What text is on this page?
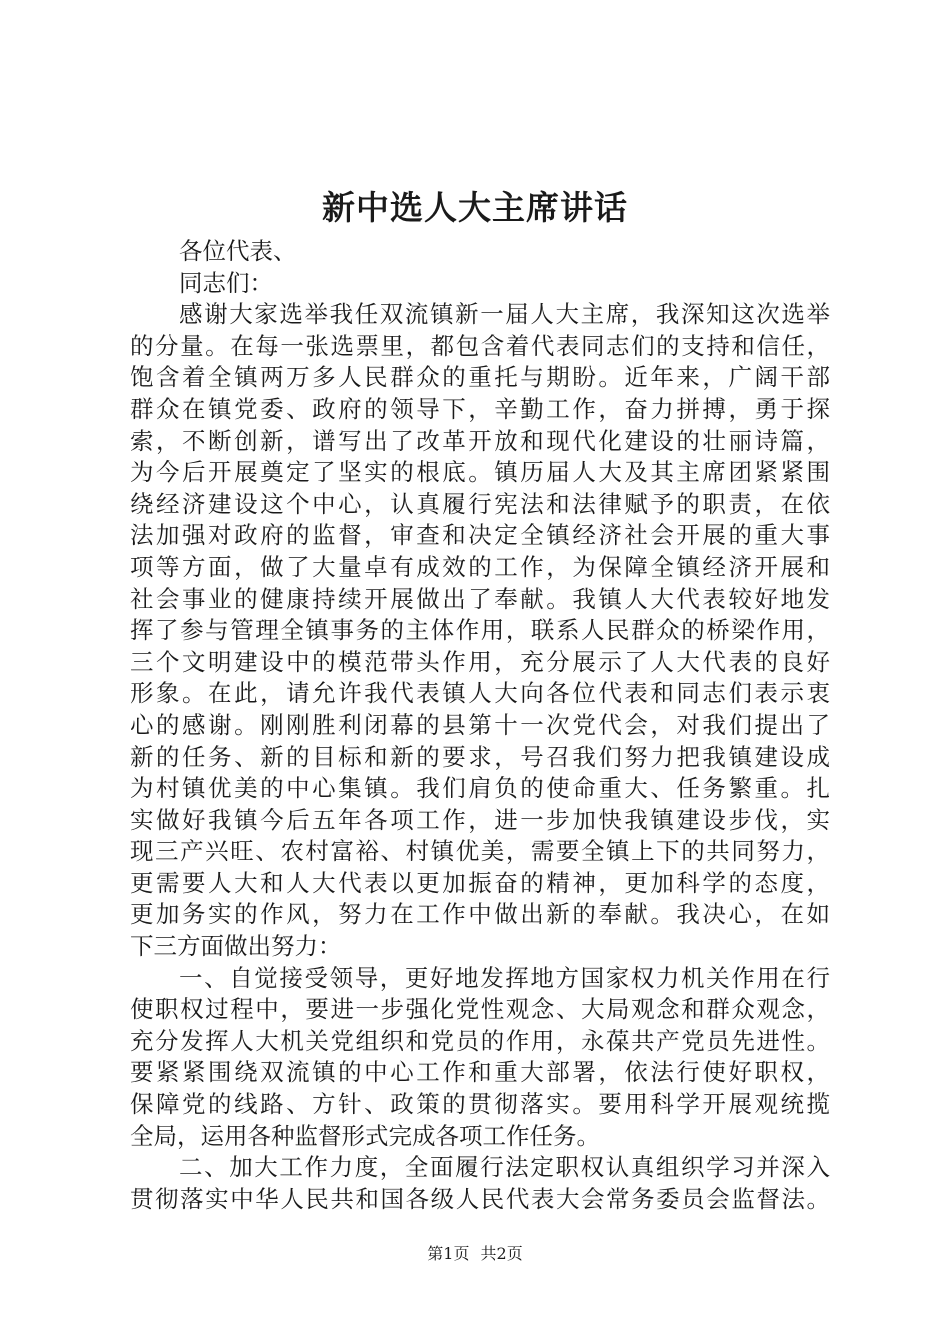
新中选人大主席讲话
各位代表、
同志们：
感谢大家选举我任双流镇新一届人大主席，我深知这次选举
的分量。在每一张选票里，都包含着代表同志们的支持和信任，
饱含着全镇两万多人民群众的重托与期盼。近年来，广阔干部
群众在镇党委、政府的领导下，辛勤工作，奋力拼搏，勇于探
索，不断创新，谱写出了改革开放和现代化建设的壮丽诗篇，
为今后开展奠定了坚实的根底。镇历届人大及其主席团紧紧围
绕经济建设这个中心，认真履行宪法和法律赋予的职责，在依
法加强对政府的监督，审查和决定全镇经济社会开展的重大事
项等方面，做了大量卓有成效的工作，为保障全镇经济开展和
社会事业的健康持续开展做出了奉献。我镇人大代表较好地发
挥了参与管理全镇事务的主体作用，联系人民群众的桥梁作用，
三个文明建设中的模范带头作用，充分展示了人大代表的良好
形象。在此，请允许我代表镇人大向各位代表和同志们表示衷
心的感谢。刚刚胜利闭幕的县第十一次党代会，对我们提出了
新的任务、新的目标和新的要求，号召我们努力把我镇建设成
为村镇优美的中心集镇。我们肩负的使命重大、任务繁重。扎
实做好我镇今后五年各项工作，进一步加快我镇建设步伐，实
现三产兴旺、农村富裕、村镇优美，需要全镇上下的共同努力，
更需要人大和人大代表以更加振奋的精神，更加科学的态度，
更加务实的作风，努力在工作中做出新的奉献。我决心，在如
下三方面做出努力：
一、自觉接受领导，更好地发挥地方国家权力机关作用在行
使职权过程中，要进一步强化党性观念、大局观念和群众观念，
充分发挥人大机关党组织和党员的作用，永葆共产党员先进性。
要紧紧围绕双流镇的中心工作和重大部署，依法行使好职权，
保障党的线路、方针、政策的贯彻落实。要用科学开展观统揽
全局，运用各种监督形式完成各项工作任务。
二、加大工作力度，全面履行法定职权认真组织学习并深入
贯彻落实中华人民共和国各级人民代表大会常务委员会监督法。
第1页 共2页
